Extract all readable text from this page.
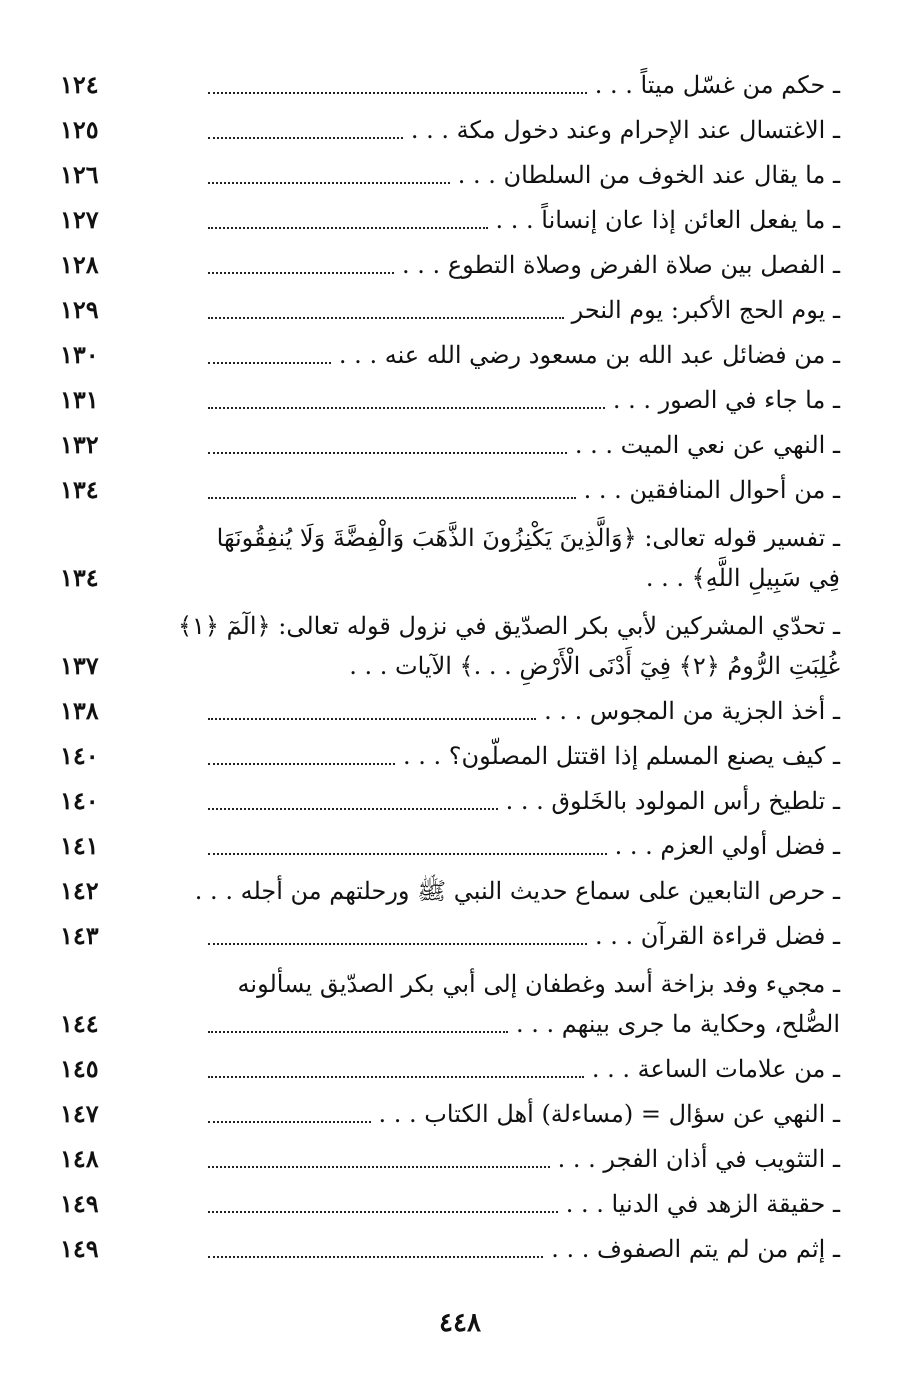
ـ حكم من غسّل ميتاً . . .
١٢٤
ـ الاغتسال عند الإحرام وعند دخول مكة . . .
١٢٥
ـ ما يقال عند الخوف من السلطان . . .
١٢٦
ـ ما يفعل العائن إذا عان إنساناً . . .
١٢٧
ـ الفصل بين صلاة الفرض وصلاة التطوع . . .
١٢٨
ـ يوم الحج الأكبر: يوم النحر
١٢٩
ـ من فضائل عبد الله بن مسعود رضي الله عنه . . .
١٣٠
ـ ما جاء في الصور . . .
١٣١
ـ النهي عن نعي الميت . . .
١٣٢
ـ من أحوال المنافقين . . .
١٣٤
ـ تفسير قوله تعالى: ﴿وَالَّذِينَ يَكْنِزُونَ الذَّهَبَ وَالْفِضَّةَ وَلَا يُنفِقُونَهَا
فِي سَبِيلِ اللَّهِ﴾ . . .
١٣٤
ـ تحدّي المشركين لأبي بكر الصدّيق في نزول قوله تعالى: ﴿الٓمٓ ﴿١﴾
غُلِبَتِ الرُّومُ ﴿٢﴾ فِيٓ أَدْنَى الْأَرْضِ . . .﴾ الآيات . . .
١٣٧
ـ أخذ الجزية من المجوس . . .
١٣٨
ـ كيف يصنع المسلم إذا اقتتل المصلّون؟ . . .
١٤٠
ـ تلطيخ رأس المولود بالخَلوق . . .
١٤٠
ـ فضل أولي العزم . . .
١٤١
ـ حرص التابعين على سماع حديث النبي ﷺ ورحلتهم من أجله . . .
١٤٢
ـ فضل قراءة القرآن . . .
١٤٣
ـ مجيء وفد بزاخة أسد وغطفان إلى أبي بكر الصدّيق يسألونه
الصُّلح، وحكاية ما جرى بينهم . . .
١٤٤
ـ من علامات الساعة . . .
١٤٥
ـ النهي عن سؤال = (مساءلة) أهل الكتاب . . .
١٤٧
ـ التثويب في أذان الفجر . . .
١٤٨
ـ حقيقة الزهد في الدنيا . . .
١٤٩
ـ إثم من لم يتم الصفوف . . .
١٤٩
٤٤٨
